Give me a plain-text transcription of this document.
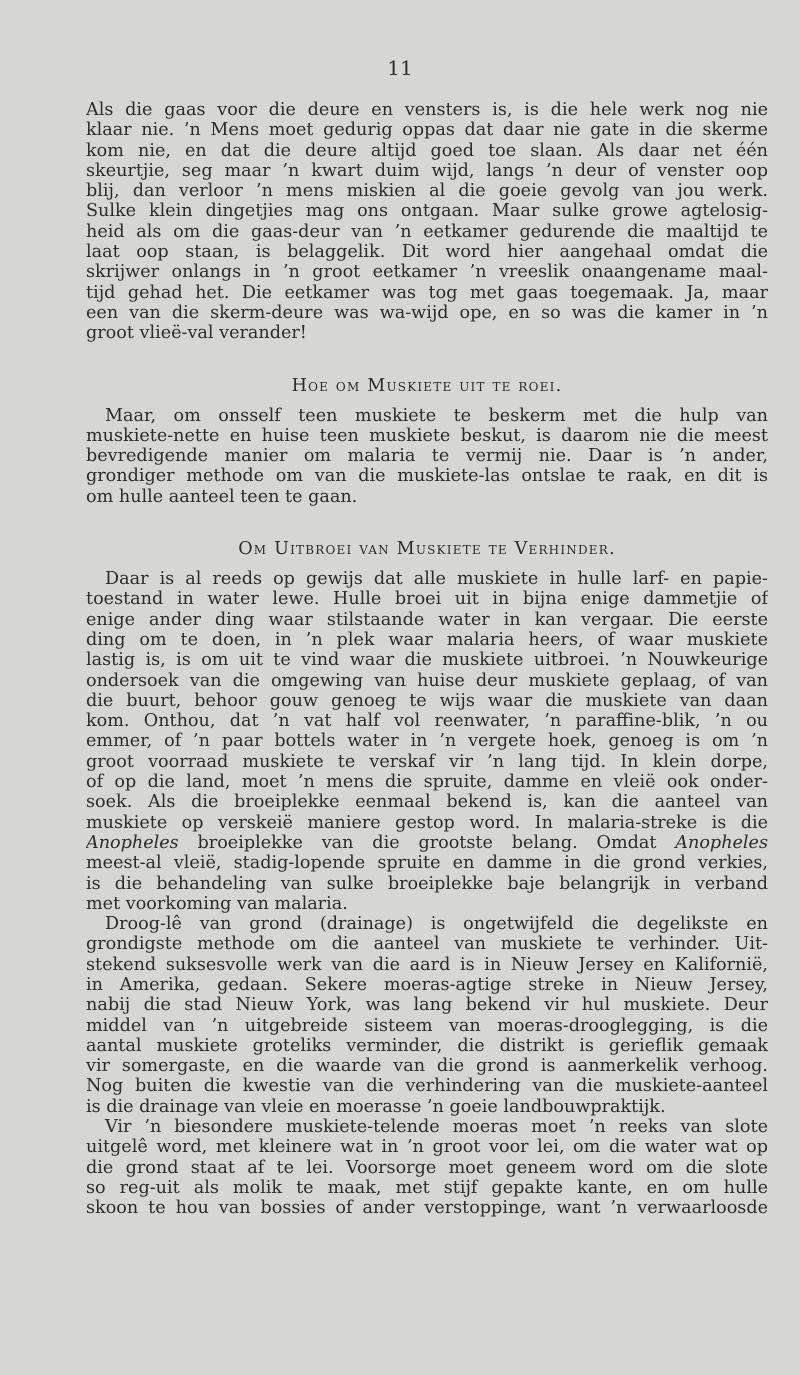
11
Als die gaas voor die deure en vensters is, is die hele werk nog nie
klaar nie. ’n Mens moet gedurig oppas dat daar nie gate in die skerme
kom nie, en dat die deure altijd goed toe slaan. Als daar net één
skeurtjie, seg maar ’n kwart duim wijd, langs ’n deur of venster oop
blij, dan verloor ’n mens miskien al die goeie gevolg van jou werk.
Sulke klein dingetjies mag ons ontgaan. Maar sulke growe agtelosig-
heid als om die gaas-deur van ’n eetkamer gedurende die maaltijd te
laat oop staan, is belaggelik. Dit word hier aangehaal omdat die
skrijwer onlangs in ’n groot eetkamer ’n vreeslik onaangename maal-
tijd gehad het. Die eetkamer was tog met gaas toegemaak. Ja, maar
een van die skerm-deure was wa-wijd ope, en so was die kamer in ’n
groot vlieë-val verander!
Hoe om Muskiete uit te roei.
Maar, om onsself teen muskiete te beskerm met die hulp van
muskiete-nette en huise teen muskiete beskut, is daarom nie die meest
bevredigende manier om malaria te vermij nie. Daar is ’n ander,
grondiger methode om van die muskiete-las ontslae te raak, en dit is
om hulle aanteel teen te gaan.
Om Uitbroei van Muskiete te Verhinder.
Daar is al reeds op gewijs dat alle muskiete in hulle larf- en papie-
toestand in water lewe. Hulle broei uit in bijna enige dammetjie of
enige ander ding waar stilstaande water in kan vergaar. Die eerste
ding om te doen, in ’n plek waar malaria heers, of waar muskiete
lastig is, is om uit te vind waar die muskiete uitbroei. ’n Nouwkeurige
ondersoek van die omgewing van huise deur muskiete geplaag, of van
die buurt, behoor gouw genoeg te wijs waar die muskiete van daan
kom. Onthou, dat ’n vat half vol reenwater, ’n paraffine-blik, ’n ou
emmer, of ’n paar bottels water in ’n vergete hoek, genoeg is om ’n
groot voorraad muskiete te verskaf vir ’n lang tijd. In klein dorpe,
of op die land, moet ’n mens die spruite, damme en vleië ook onder-
soek. Als die broeiplekke eenmaal bekend is, kan die aanteel van
muskiete op verskeië maniere gestop word. In malaria-streke is die
Anopheles broeiplekke van die grootste belang. Omdat Anopheles
meest-al vleië, stadig-lopende spruite en damme in die grond verkies,
is die behandeling van sulke broeiplekke baje belangrijk in verband
met voorkoming van malaria.
Droog-lê van grond (drainage) is ongetwijfeld die degelikste en
grondigste methode om die aanteel van muskiete te verhinder. Uit-
stekend suksesvolle werk van die aard is in Nieuw Jersey en Kalifornië,
in Amerika, gedaan. Sekere moeras-agtige streke in Nieuw Jersey,
nabij die stad Nieuw York, was lang bekend vir hul muskiete. Deur
middel van ’n uitgebreide sisteem van moeras-drooglegging, is die
aantal muskiete groteliks verminder, die distrikt is gerieflik gemaak
vir somergaste, en die waarde van die grond is aanmerkelik verhoog.
Nog buiten die kwestie van die verhindering van die muskiete-aanteel
is die drainage van vleie en moerasse ’n goeie landbouwpraktijk.
Vir ’n biesondere muskiete-telende moeras moet ’n reeks van slote
uitgelê word, met kleinere wat in ’n groot voor lei, om die water wat op
die grond staat af te lei. Voorsorge moet geneem word om die slote
so reg-uit als molik te maak, met stijf gepakte kante, en om hulle
skoon te hou van bossies of ander verstoppinge, want ’n verwaarloosde
